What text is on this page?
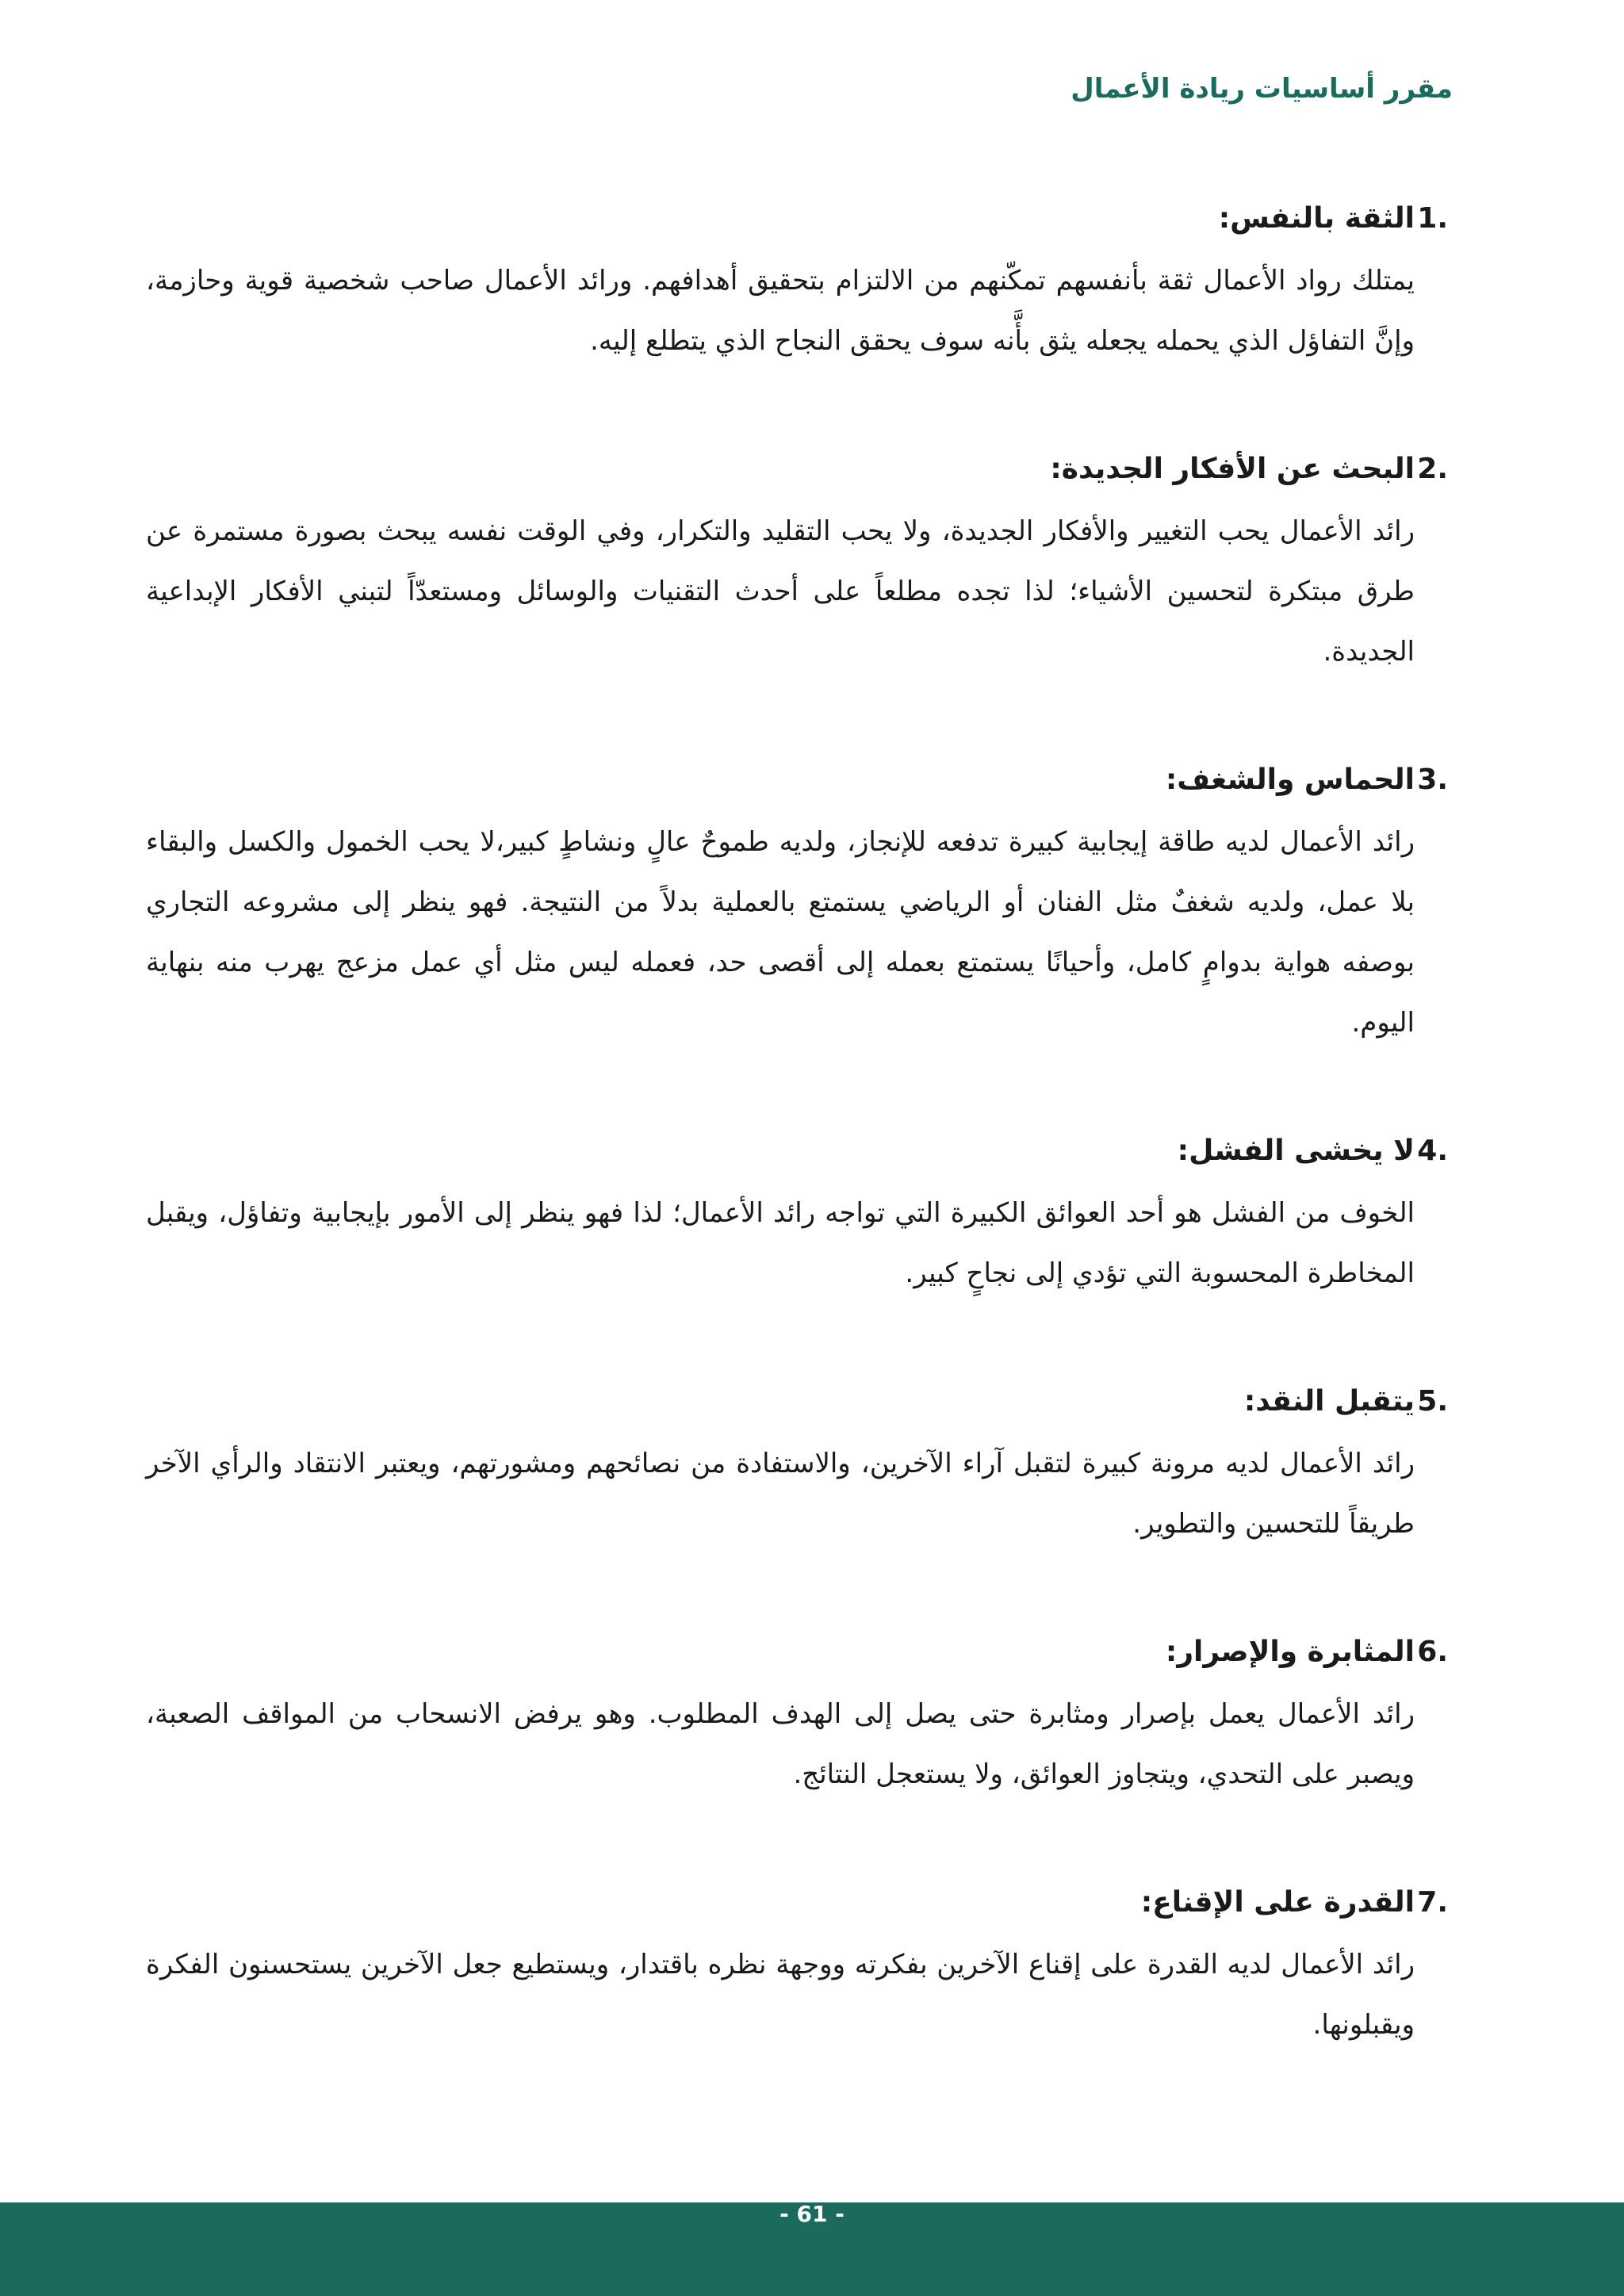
مقرر أساسيات ريادة الأعمال
1.
الثقة بالنفس:

يمتلك رواد الأعمال ثقة بأنفسهم تمكّنهم من الالتزام بتحقيق أهدافهم. ورائد الأعمال صاحب شخصية قوية وحازمة، وإنَّ التفاؤل الذي يحمله يجعله يثق بأَّنه سوف يحقق النجاح الذي يتطلع إليه.

2.
البحث عن الأفكار الجديدة:

رائد الأعمال يحب التغيير والأفكار الجديدة، ولا يحب التقليد والتكرار، وفي الوقت نفسه يبحث بصورة مستمرة عن طرق مبتكرة لتحسين الأشياء؛ لذا تجده مطلعاً على أحدث التقنيات والوسائل ومستعدّاً لتبني الأفكار الإبداعية الجديدة.

3.
الحماس والشغف:

رائد الأعمال لديه طاقة إيجابية كبيرة تدفعه للإنجاز، ولديه طموحٌ عالٍ ونشاطٍ كبير،لا يحب الخمول والكسل والبقاء بلا عمل، ولديه شغفٌ مثل الفنان أو الرياضي يستمتع بالعملية بدلاً من النتيجة. فهو ينظر إلى مشروعه التجاري بوصفه هواية بدوامٍ كامل، وأحيانًا يستمتع بعمله إلى أقصى حد، فعمله ليس مثل أي عمل مزعج يهرب منه بنهاية اليوم.

4.
لا يخشى الفشل:

الخوف من الفشل هو أحد العوائق الكبيرة التي تواجه رائد الأعمال؛ لذا فهو ينظر إلى الأمور بإيجابية وتفاؤل، ويقبل المخاطرة المحسوبة التي تؤدي إلى نجاحٍ كبير.

5.
يتقبل النقد:

رائد الأعمال لديه مرونة كبيرة لتقبل آراء الآخرين، والاستفادة من نصائحهم ومشورتهم، ويعتبر الانتقاد والرأي الآخر طريقاً للتحسين والتطوير.

6.
المثابرة والإصرار:

رائد الأعمال يعمل بإصرار ومثابرة حتى يصل إلى الهدف المطلوب. وهو يرفض الانسحاب من المواقف الصعبة، ويصبر على التحدي، ويتجاوز العوائق، ولا يستعجل النتائج.

7.
القدرة على الإقناع:

رائد الأعمال لديه القدرة على إقناع الآخرين بفكرته ووجهة نظره باقتدار، ويستطيع جعل الآخرين يستحسنون الفكرة ويقبلونها.

- 61 -
